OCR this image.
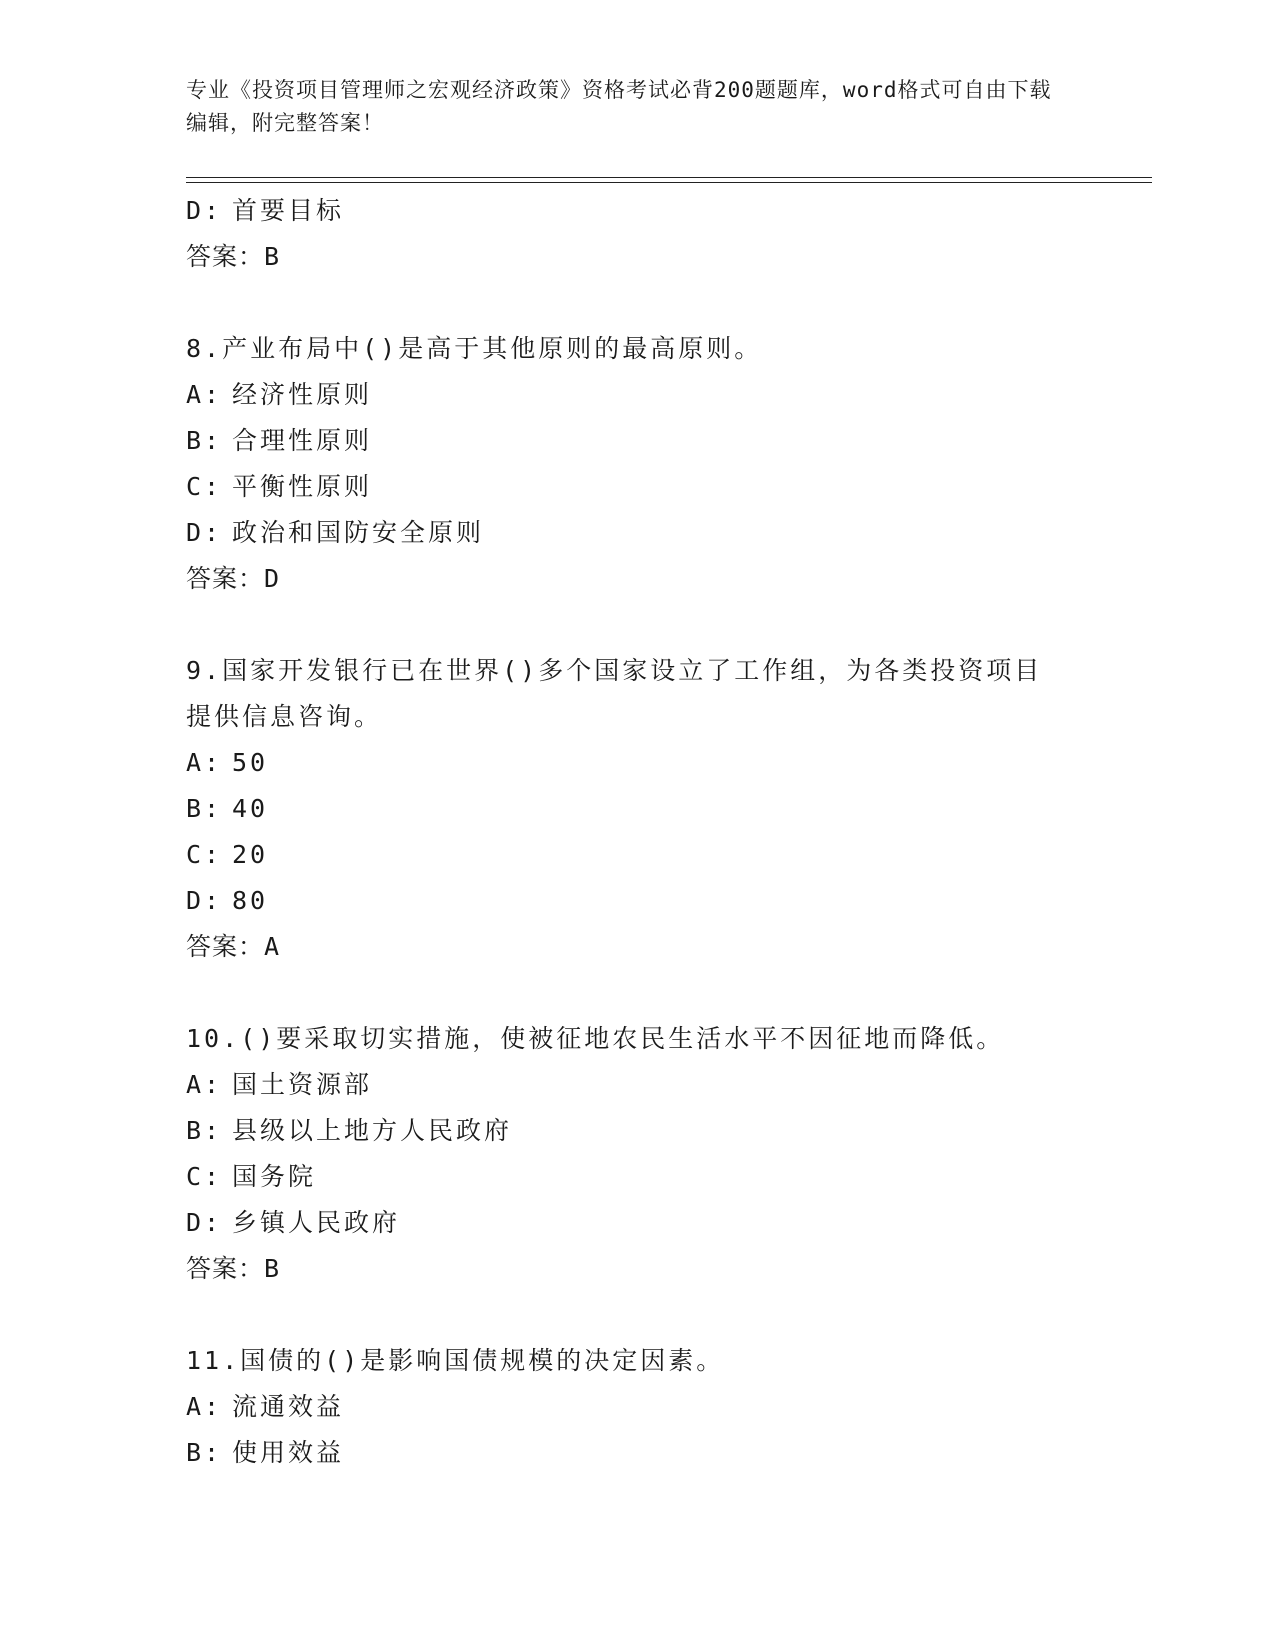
专业《投资项目管理师之宏观经济政策》资格考试必背200题题库，word格式可自由下载编辑，附完整答案！
D: 首要目标
答案：B
8.产业布局中()是高于其他原则的最高原则。
A: 经济性原则
B: 合理性原则
C: 平衡性原则
D: 政治和国防安全原则
答案：D
9.国家开发银行已在世界()多个国家设立了工作组，为各类投资项目提供信息咨询。
A: 50
B: 40
C: 20
D: 80
答案：A
10.()要采取切实措施，使被征地农民生活水平不因征地而降低。
A: 国土资源部
B: 县级以上地方人民政府
C: 国务院
D: 乡镇人民政府
答案：B
11.国债的()是影响国债规模的决定因素。
A: 流通效益
B: 使用效益
